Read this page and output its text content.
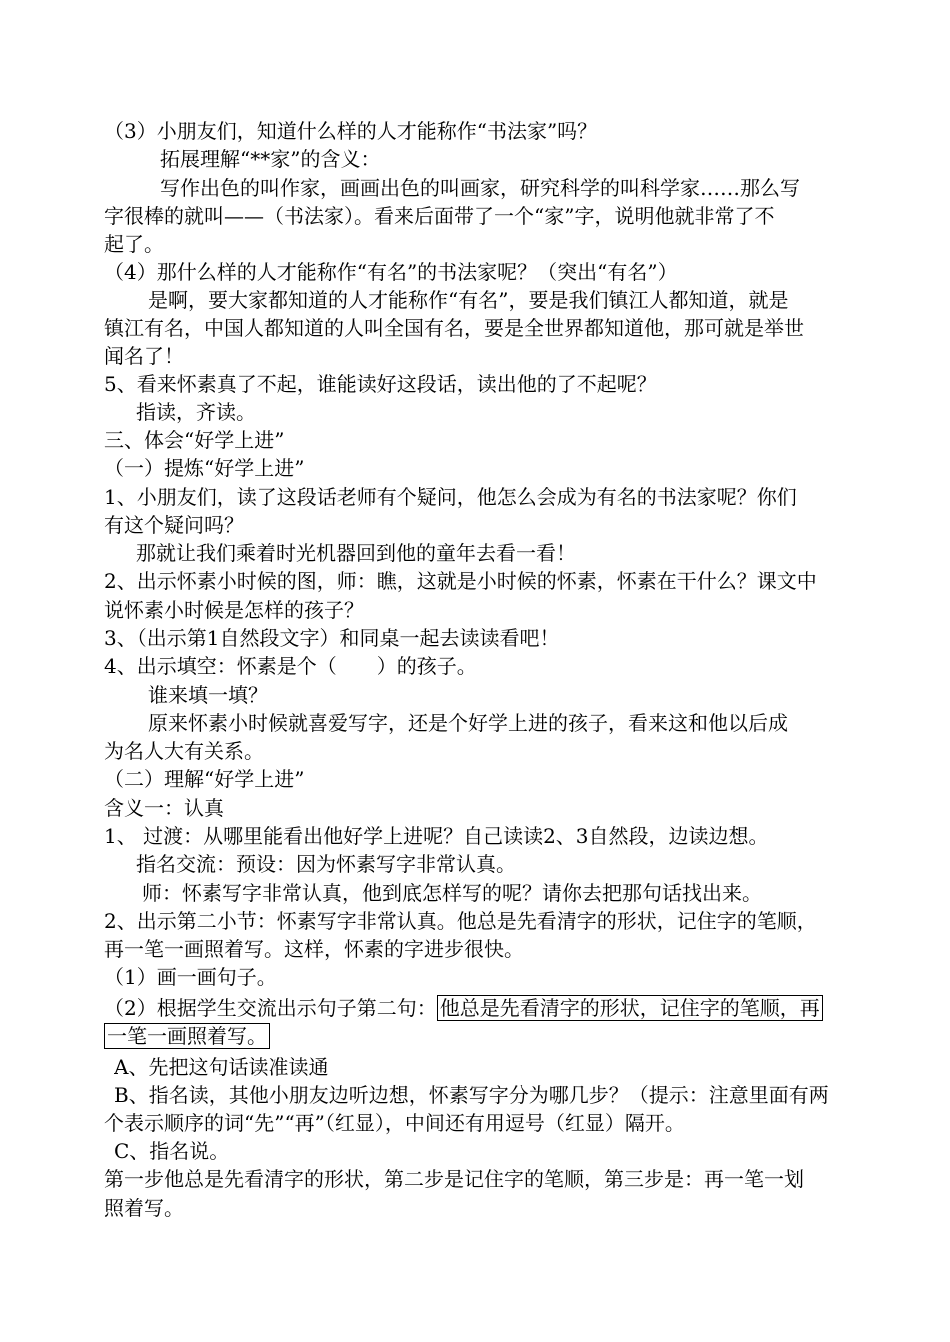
（3）小朋友们，知道什么样的人才能称作“书法家”吗？
拓展理解“**家”的含义：
写作出色的叫作家，画画出色的叫画家，研究科学的叫科学家……那么写
字很棒的就叫——（书法家）。看来后面带了一个“家”字，说明他就非常了不
起了。
（4）那什么样的人才能称作“有名”的书法家呢？（突出“有名”）
是啊，要大家都知道的人才能称作“有名”，要是我们镇江人都知道，就是
镇江有名，中国人都知道的人叫全国有名，要是全世界都知道他，那可就是举世
闻名了！
5、看来怀素真了不起，谁能读好这段话，读出他的了不起呢？
指读，齐读。
三、体会“好学上进”
（一）提炼“好学上进”
1、小朋友们，读了这段话老师有个疑问，他怎么会成为有名的书法家呢？你们
有这个疑问吗？
那就让我们乘着时光机器回到他的童年去看一看！
2、出示怀素小时候的图，师：瞧，这就是小时候的怀素，怀素在干什么？课文中
说怀素小时候是怎样的孩子？
3、（出示第1自然段文字）和同桌一起去读读看吧！
4、出示填空：怀素是个（　　）的孩子。
谁来填一填？
原来怀素小时候就喜爱写字，还是个好学上进的孩子，看来这和他以后成
为名人大有关系。
（二）理解“好学上进”
含义一：认真
1、 过渡：从哪里能看出他好学上进呢？自己读读2、3自然段，边读边想。
指名交流：预设：因为怀素写字非常认真。
师：怀素写字非常认真，他到底怎样写的呢？请你去把那句话找出来。
2、出示第二小节：怀素写字非常认真。他总是先看清字的形状，记住字的笔顺，
再一笔一画照着写。这样，怀素的字进步很快。
（1）画一画句子。
（2）根据学生交流出示句子第二句： 他总是先看清字的形状，记住字的笔顺，再
一笔一画照着写。
A、先把这句话读准读通
B、指名读，其他小朋友边听边想，怀素写字分为哪几步？（提示：注意里面有两
个表示顺序的词“先”“再”（红显），中间还有用逗号（红显）隔开。
C、指名说。
第一步他总是先看清字的形状，第二步是记住字的笔顺，第三步是：再一笔一划
照着写。
